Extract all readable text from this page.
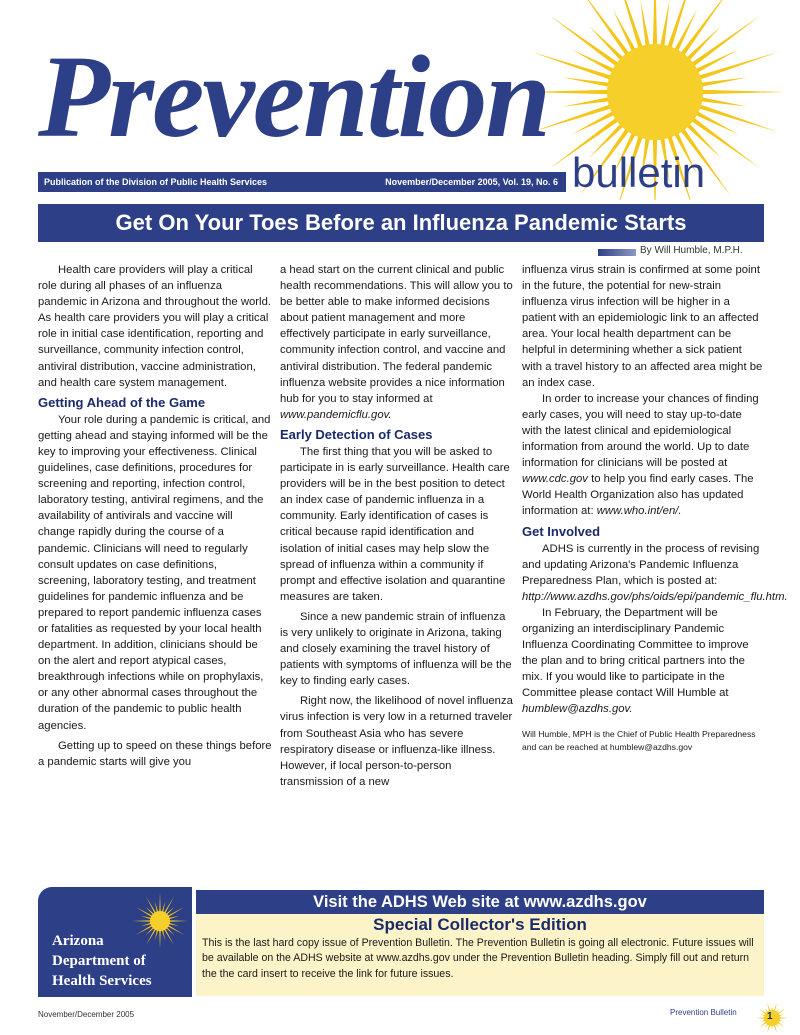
Prevention
Publication of the Division of Public Health Services	November/December 2005, Vol. 19, No. 6 bulletin
Get On Your Toes Before an Influenza Pandemic Starts
By Will Humble, M.P.H.

Health care providers will play a critical role during all phases of an influenza pandemic in Arizona and throughout the world. As health care providers you will play a critical role in initial case identification, reporting and surveillance, community infection control, antiviral distribution, vaccine administration, and health care system management.

Getting Ahead of the Game

Your role during a pandemic is critical, and getting ahead and staying informed will be the key to improving your effectiveness. Clinical guidelines, case definitions, procedures for screening and reporting, infection control, laboratory testing, antiviral regimens, and the availability of antivirals and vaccine will change rapidly during the course of a pandemic. Clinicians will need to regularly consult updates on case definitions, screening, laboratory testing, and treatment guidelines for pandemic influenza and be prepared to report pandemic influenza cases or fatalities as requested by your local health department. In addition, clinicians should be on the alert and report atypical cases, breakthrough infections while on prophylaxis, or any other abnormal cases throughout the duration of the pandemic to public health agencies.

Getting up to speed on these things before a pandemic starts will give you

a head start on the current clinical and public health recommendations. This will allow you to be better able to make informed decisions about patient management and more effectively participate in early surveillance, community infection control, and vaccine and antiviral distribution. The federal pandemic influenza website provides a nice information hub for you to stay informed at www.pandemicflu.gov.

Early Detection of Cases

The first thing that you will be asked to participate in is early surveillance. Health care providers will be in the best position to detect an index case of pandemic influenza in a community. Early identification of cases is critical because rapid identification and isolation of initial cases may help slow the spread of influenza within a community if prompt and effective isolation and quarantine measures are taken.

Since a new pandemic strain of influenza is very unlikely to originate in Arizona, taking and closely examining the travel history of patients with symptoms of influenza will be the key to finding early cases.

Right now, the likelihood of novel influenza virus infection is very low in a returned traveler from Southeast Asia who has severe respiratory disease or influenza-like illness. However, if local person-to-person transmission of a new

influenza virus strain is confirmed at some point in the future, the potential for new-strain influenza virus infection will be higher in a patient with an epidemiologic link to an affected area. Your local health department can be helpful in determining whether a sick patient with a travel history to an affected area might be an index case.

In order to increase your chances of finding early cases, you will need to stay up-to-date with the latest clinical and epidemiological information from around the world. Up to date information for clinicians will be posted at www.cdc.gov to help you find early cases. The World Health Organization also has updated information at: www.who.int/en/.

Get Involved

ADHS is currently in the process of revising and updating Arizona's Pandemic Influenza Preparedness Plan, which is posted at: http://www.azdhs.gov/phs/oids/epi/pandemic_flu.htm.

In February, the Department will be organizing an interdisciplinary Pandemic Influenza Coordinating Committee to improve the plan and to bring critical partners into the mix. If you would like to participate in the Committee please contact Will Humble at humblew@azdhs.gov.

Will Humble, MPH is the Chief of Public Health Preparedness and can be reached at humblew@azdhs.gov

Arizona
Department of
Health Services
Visit the ADHS Web site at www.azdhs.gov
Special Collector's Edition
This is the last hard copy issue of Prevention Bulletin. The Prevention Bulletin is going all electronic. Future issues will be available on the ADHS website at www.azdhs.gov under the Prevention Bulletin heading. Simply fill out and return the the card insert to receive the link for future issues.
November/December 2005	Prevention Bulletin	1
